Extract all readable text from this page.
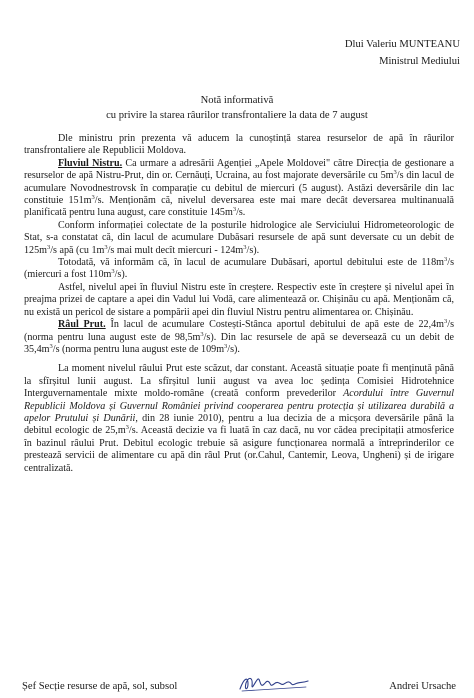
Dlui Valeriu MUNTEANU
Ministrul Mediului
Notă informativă
cu privire la starea râurilor transfrontaliere la data de 7 august

Dle ministru prin prezenta vă aducem la cunoștință starea resurselor de apă în râurilor transfrontaliere ale Republicii Moldova.

Fluviul Nistru. Ca urmare a adresării Agenției „Apele Moldovei" către Direcția de gestionare a resurselor de apă Nistru-Prut, din or. Cernăuți, Ucraina, au fost majorate deversările cu $5m^3/s$ din lacul de acumulare Novodnestrovsk în comparație cu debitul de miercuri (5 august). Astăzi deversările din lac constituie $151m^3/s$. Menționăm că, nivelul deversarea este mai mare decât deversarea multinanuală planificată pentru luna august, care constituie $145m^3/s$.

Conform informației colectate de la posturile hidrologice ale Serviciului Hidrometeorologic de Stat, s-a constatat că, din lacul de acumulare Dubăsari resursele de apă sunt deversate cu un debit de $125m^3/s$ apă (cu $1m^3/s$ mai mult decît miercuri - $124m^3/s$).

Totodată, vă informăm că, în lacul de acumulare Dubăsari, aportul debitului este de $118m^3/s$ (miercuri a fost $110m^3/s$).

Astfel, nivelul apei în fluviul Nistru este în creștere. Respectiv este în creștere și nivelul apei în preajma prizei de captare a apei din Vadul lui Vodă, care alimentează or. Chișinău cu apă. Menționăm că, nu există un pericol de sistare a pompării apei din fluviul Nistru pentru alimentarea or. Chișinău.

Râul Prut. În lacul de acumulare Costești-Stânca aportul debitului de apă este de $22,4m^3/s$ (norma pentru luna august este de $98,5m^3/s$). Din lac resursele de apă se deversează cu un debit de $35,4m^3/s$ (norma pentru luna august este de $109m^3/s$).

La moment nivelul râului Prut este scăzut, dar constant. Această situație poate fi menținută până la sfîrșitul lunii august. La sfîrșitul lunii august va avea loc ședința Comisiei Hidrotehnice Interguvernamentale mixte moldo-române (creată conform prevederilor Acordului între Guvernul Republicii Moldova și Guvernul României privind cooperarea pentru protecția și utilizarea durabilă a apelor Prutului și Dunării, din 28 iunie 2010), pentru a lua decizia de a micșora deversările până la debitul ecologic de $25,m^3/s$. Această decizie va fi luată în caz dacă, nu vor cădea precipitații atmosferice în bazinul râului Prut. Debitul ecologic trebuie să asigure funcționarea normală a întreprinderilor ce prestează servicii de alimentare cu apă din râul Prut (or.Cahul, Cantemir, Leova, Ungheni) și de irigare centralizată.

Șef Secție resurse de apă, sol, subsol	Andrei Ursache
